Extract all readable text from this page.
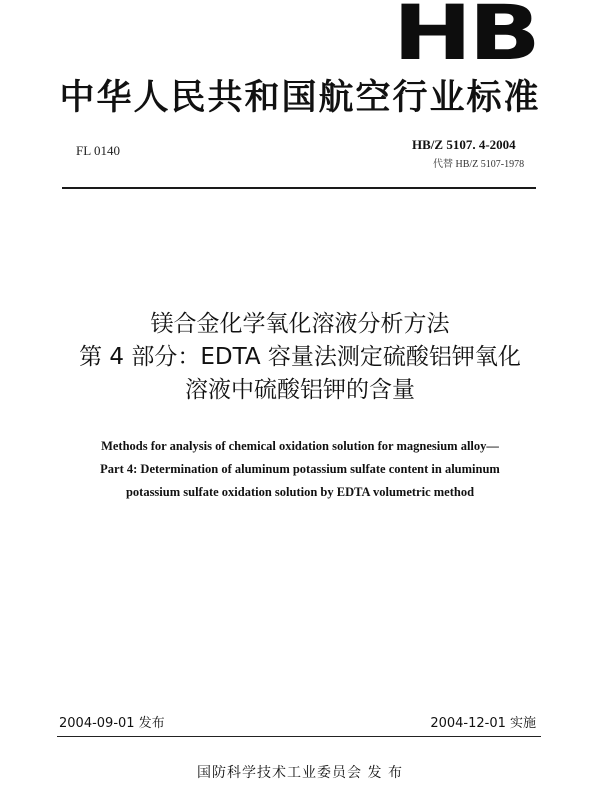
HB
中华人民共和国航空行业标准
FL 0140	HB/Z 5107. 4-2004
代替 HB/Z 5107-1978
镁合金化学氧化溶液分析方法
第 4 部分：EDTA 容量法测定硫酸铝钾氧化
溶液中硫酸铝钾的含量
Methods for analysis of chemical oxidation solution for magnesium alloy—
Part 4: Determination of aluminum potassium sulfate content in aluminum
potassium sulfate oxidation solution by EDTA volumetric method
2004-09-01 发布	2004-12-01 实施
国防科学技术工业委员会 发 布
